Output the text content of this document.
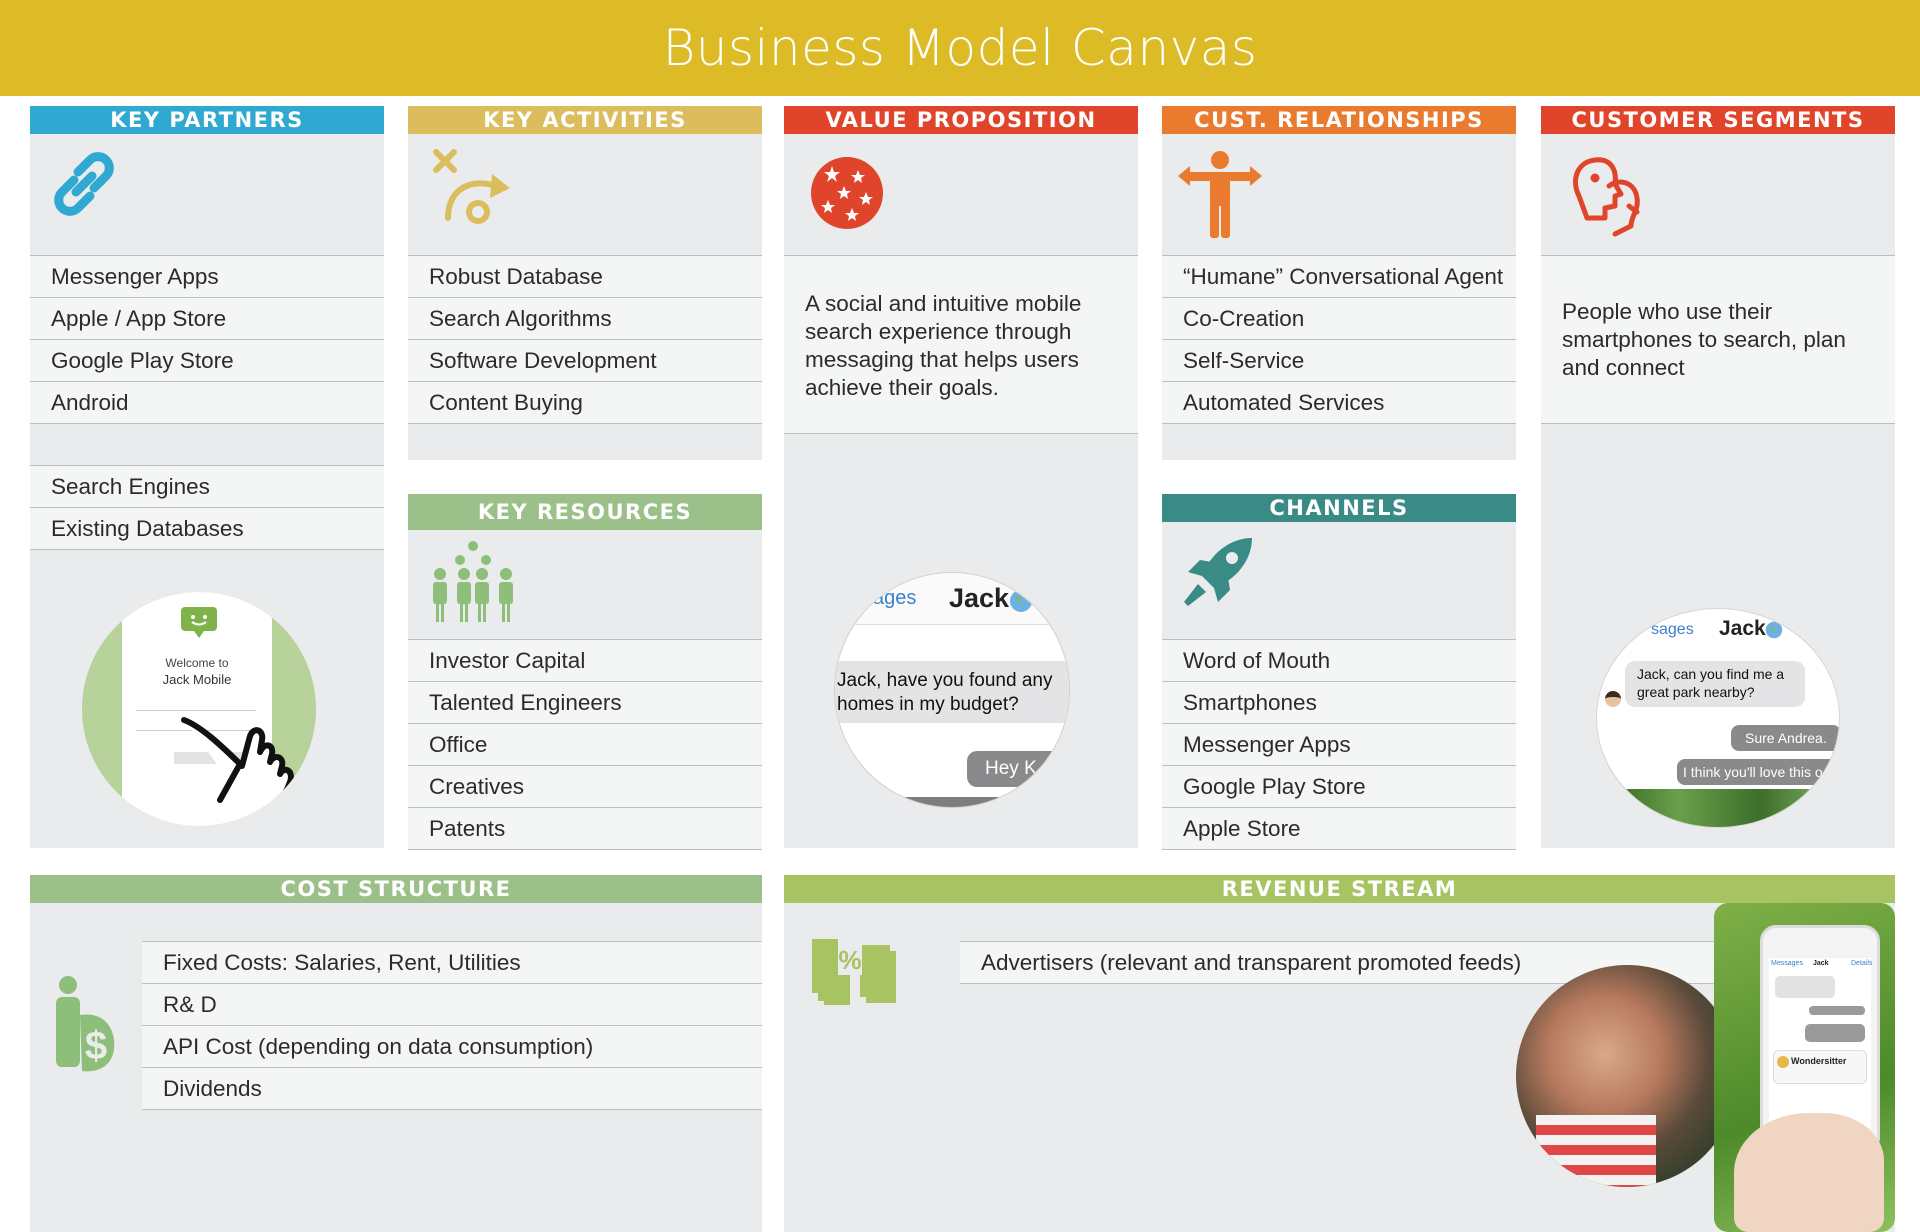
Business Model Canvas
KEY PARTNERS
Messenger Apps
Apple / App Store
Google Play Store
Android
Search Engines
Existing Databases
Welcome to
Jack Mobile
KEY ACTIVITIES
Robust Database
Search Algorithms
Software Development
Content Buying
KEY RESOURCES
Investor Capital
Talented Engineers
Office
Creatives
Patents
VALUE PROPOSITION

A social and intuitive mobile search experience through messaging that helps users achieve their goals.

ages Jack
Jack, have you found any homes in my budget?
Hey K
CUST. RELATIONSHIPS
“Humane” Conversational Agent
Co-Creation
Self-Service
Automated Services
CHANNELS
Word of Mouth
Smartphones
Messenger Apps
Google Play Store
Apple Store
CUSTOMER SEGMENTS

People who use their smartphones to search, plan and connect

sages Jack
Jack, can you find me a great park nearby?
Sure Andrea.
I think you'll love this o
COST STRUCTURE
$
Fixed Costs: Salaries, Rent, Utilities
R& D
API Cost (depending on data consumption)
Dividends
REVENUE STREAM
%	Advertisers (relevant and transparent promoted feeds)	Messages Jack	Details
Wondersitter
